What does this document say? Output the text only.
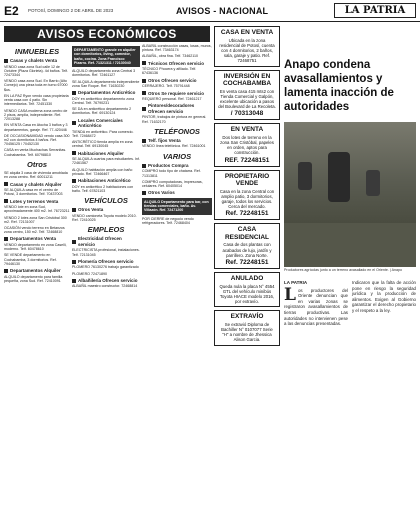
E2 POTOSÍ, DOMINGO 2 DE ABRIL DE 2023	AVISOS - NACIONAL	LA PATRIA
AVISOS ECONÓMICOS
INMUEBLES
Casas y chalets Venta
VENDO casa zona Sud calle 12 de Octubre (Plaza Glorieta). 4d baños. Telf. 72473344
VENDO casa zona Sud. En Barrio (Alto Cornejo) una pieza toda en turno 67000 $us.
EN LA PAZ Ryon vendo casa propietaria venta casa con 4 patio. Sin intermediarios. Telf. 72451330
VENDO CASA moderna zona centro de 2 pisos, amplia, independiente. Ref. 72013288
EN VENTA Casa en Atocha 3 baños y 3 departamentos, garaje. Ref. 77-420446
DE OCCASIONAMIDAD vendo casa 300 m2 con dormitorios 4 baños. Ref. 70456125 / 70452130
CASA en venta Muchachas Serranitas. Cochabamba. Telf. 60798810
Otros
SE alquila 3 casa de vivienda amoblada en zona centro. Ref. 60011211
Casas y chalets Alquiler
SE ALQUILA casa en el centro de Potosí, 3 dormitorios. Telf. 70437003
Lotes y terrenos Venta
VENDO lote en zona Sud, aproximadamente 400 m2. Inf. 76723211
VENDO 2 lotes zona San Cristóbal 300 m2. Ref. 72131007
OCASIÓN vendo terreno en Betanzos zona centro, 150 m2. Telf. 72468810
Departamentos Venta
VENDO departamento en zona Caselli, moderno. Telf. 60478610
SE VENDE departamento en Cochabamba, 3 dormitorios. Ref. 79446130
Departamentos Alquiler
ALQUILO departamento para familia pequeña, zona Sud. Ref. 72410091
DEPARTAMENTO grande en alquiler con dormitorios, living, comedor, baño, cocina. Zona Francisco Pizarro. Ref. 71321311 / 72130040
ALQUILO departamento zona Central 3 dormitorios. Ref. 72461127
SE ALQUILA departamento independiente zona San Roque. Ref. 71630230
Departamentos Anticrético
DOY en anticrético departamento zona Central. Telf. 76790231
SE DA en anticrético departamento 2 dormitorios. Ref. 69130124
Locales Comerciales Anticrético
TIENDA en anticrético. Para comercio. Telf. 72468472
ANTICRÉTICO tienda amplia en zona central. Telf. 69130045
Habitaciones Alquiler
SE ALQUILA cuartos para estudiantes. Inf. 72461567
ALQUILO habitación amplia con baño privado. Ref. 72466467
Habitaciones Anticrético
DOY en anticrético 2 habitaciones con baño. Telf. 67821103
VEHÍCULOS
Otros Venta
VENDO camioneta Toyota modelo 2010. Ref. 72410025
EMPLEOS
Electricidad Ofrecen servicio
ELECTRICISTA profesional, instalaciones. Telf. 72131045
Plomería Ofrecen servicio
PLOMERO 76130276 trabajo garantizado
PLOMERO 72471890
Albañilería Ofrecen servicio
ALBAÑIL maestro constructor. 72468814
ALBAÑIL construcción casas, losas, muros, pintura. Ref. 73463174
ALBAÑIL, obra fina. Telf. 73462110
Técnicos Ofrecen servicio
TÉCNICO Phocera y afiliado. Telf. 67436136
Otros Ofrecen servicio
CERRAJERO. Telf. 75791448
Otros Se requiere servicio
REQUIERO personal. Ref. 72461217
Pintores/decoradores Ofrecen servicio
PINTOR, trabajos de pintura en general. Ref. 71632170
TELÉFONOS
Telf. fijos Venta
VENDO línea telefónica. Ref. 72461001
VARIOS
Productos Compra
COMPRO todo tipo de chatarra. Ref. 71313811
COMPRO computadoras, impresoras, celulares. Ref. 60405014
Otros Varios
ALQUILO Departamento para bar, con tiendas comerciales, baño. Av. Villazón. Ref. 72471200
POR CIERRE de negocio vendo refrigeradores. Telf. 72468404
CASA EN VENTA
Ubicada en la zona residencial de Potosí, cuenta con 4 dormitorios, 2 baños, sala, garaje y patio. Ref. 72468751
INVERSIÓN EN COCHABAMBA
En venta casa 415 mts2 con Tienda Comercial y Galpón, excelente ubicación a pasos del Boulevard de La Recoleta.
/ 70313048
EN VENTA
Dos lotes de terreno en la zona San Cristóbal, papeles en orden, aptos para construcción.
REF. 72248151
PROPIETARIO VENDE
Casa en la zona Central con amplio patio, 3 dormitorios, garaje, todos los servicios. Cerca del mercado.
Ref. 72248151
CASA RESIDENCIAL
Casa de dos plantas con acabados de lujo, jardín y parrillero. Zona Norte.
Ref. 72248151
ANULADO
Queda nula la placa N° 4554 GTL del vehículo minibús Toyota HIACE modelo 2016, por extravío.
EXTRAVÍO
Se extravió Diploma de Bachiller N° 0107077 Serie "H" a nombre de Jhessica Alison Garcia.
Anapo condena avasallamientos y lamenta inacción de autoridades
Productores agrícolas junto a un terreno avasallado en el Oriente. | Anapo
LA PATRIA
L os productores del Oriente denuncian que en varias zonas se registraron avasallamientos de tierras productivas. Las autoridades no intervienen pese a las denuncias presentadas.
Indicaron que la falta de acción pone en riesgo la seguridad jurídica y la producción de alimentos. Exigen al Gobierno garantizar el derecho propietario y el respeto a la ley.
